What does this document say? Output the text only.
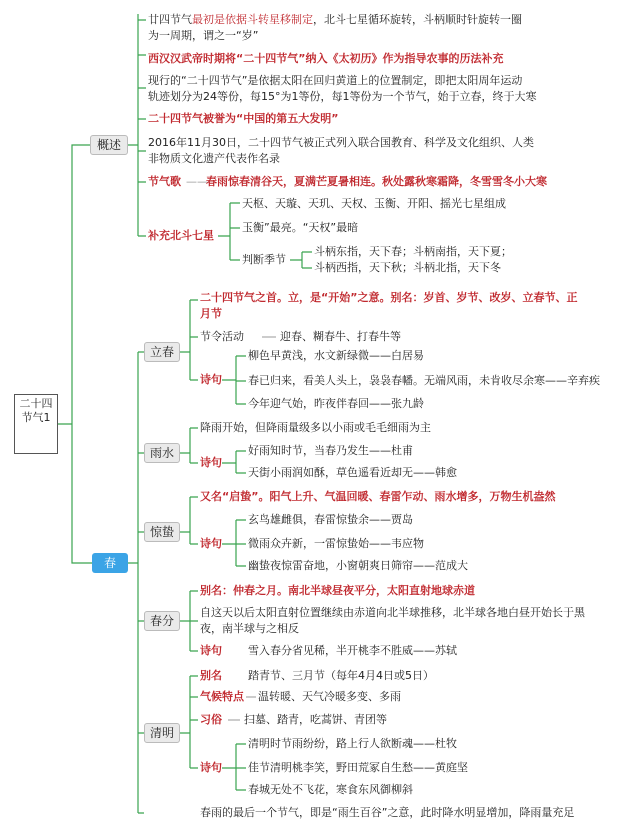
二十四节气1
概述
春
廿四节气最初是依据斗转星移制定，北斗七星循环旋转，斗柄顺时针旋转一圈
为一周期，谓之一“岁”
西汉汉武帝时期将“二十四节气”纳入《太初历》作为指导农事的历法补充
现行的“二十四节气”是依据太阳在回归黄道上的位置制定，即把太阳周年运动
轨迹划分为24等份，每15°为1等份，每1等份为一个节气，始于立春，终于大寒
二十四节气被誉为“中国的第五大发明”
2016年11月30日，二十四节气被正式列入联合国教育、科学及文化组织、人类
非物质文化遗产代表作名录
节气歌 ——
春雨惊春清谷天，夏满芒夏暑相连。秋处露秋寒霜降，冬雪雪冬小大寒
补充北斗七星
天枢、天璇、天玑、天权、玉衡、开阳、摇光七星组成
玉衡”最亮。“天权”最暗
判断季节
斗柄东指，天下春；斗柄南指，天下夏；
斗柄西指，天下秋；斗柄北指，天下冬
立春
雨水
惊蛰
春分
清明
二十四节气之首。立，是“开始”之意。别名：岁首、岁节、改岁、立春节、正
月节
节令活动	迎春、糊春牛、打春牛等
诗句
柳色早黄浅，水文新绿微——白居易
春已归来，看美人头上，袅袅春幡。无端风雨，未肯收尽余寒——辛弃疾
今年迎气始，昨夜伴春回——张九龄
降雨开始，但降雨量级多以小雨或毛毛细雨为主
诗句
好雨知时节，当春乃发生——杜甫
天街小雨润如酥，草色遥看近却无——韩愈
又名“启蛰”。阳气上升、气温回暖、春雷乍动、雨水增多，万物生机盎然
诗句
玄鸟雄雌俱，春雷惊蛰余——贾岛
微雨众卉新，一雷惊蛰始——韦应物
幽蛰夜惊雷奋地，小窗朝爽日筛帘——范成大
别名：仲春之月。南北半球昼夜平分，太阳直射地球赤道
自这天以后太阳直射位置继续由赤道向北半球推移，北半球各地白昼开始长于黑
夜，南半球与之相反
诗句 雪入春分省见稀，半开桃李不胜威——苏轼
别名 踏青节、三月节（每年4月4日或5日）
气候特点 温转暖、天气冷暖多变、多雨
习俗 扫墓、踏青，吃蒿饼、青团等
诗句
清明时节雨纷纷，路上行人欲断魂——杜牧
佳节清明桃李笑，野田荒冢自生愁——黄庭坚
春城无处不飞花，寒食东风御柳斜
春雨的最后一个节气，即是“雨生百谷”之意，此时降水明显增加，降雨量充足
